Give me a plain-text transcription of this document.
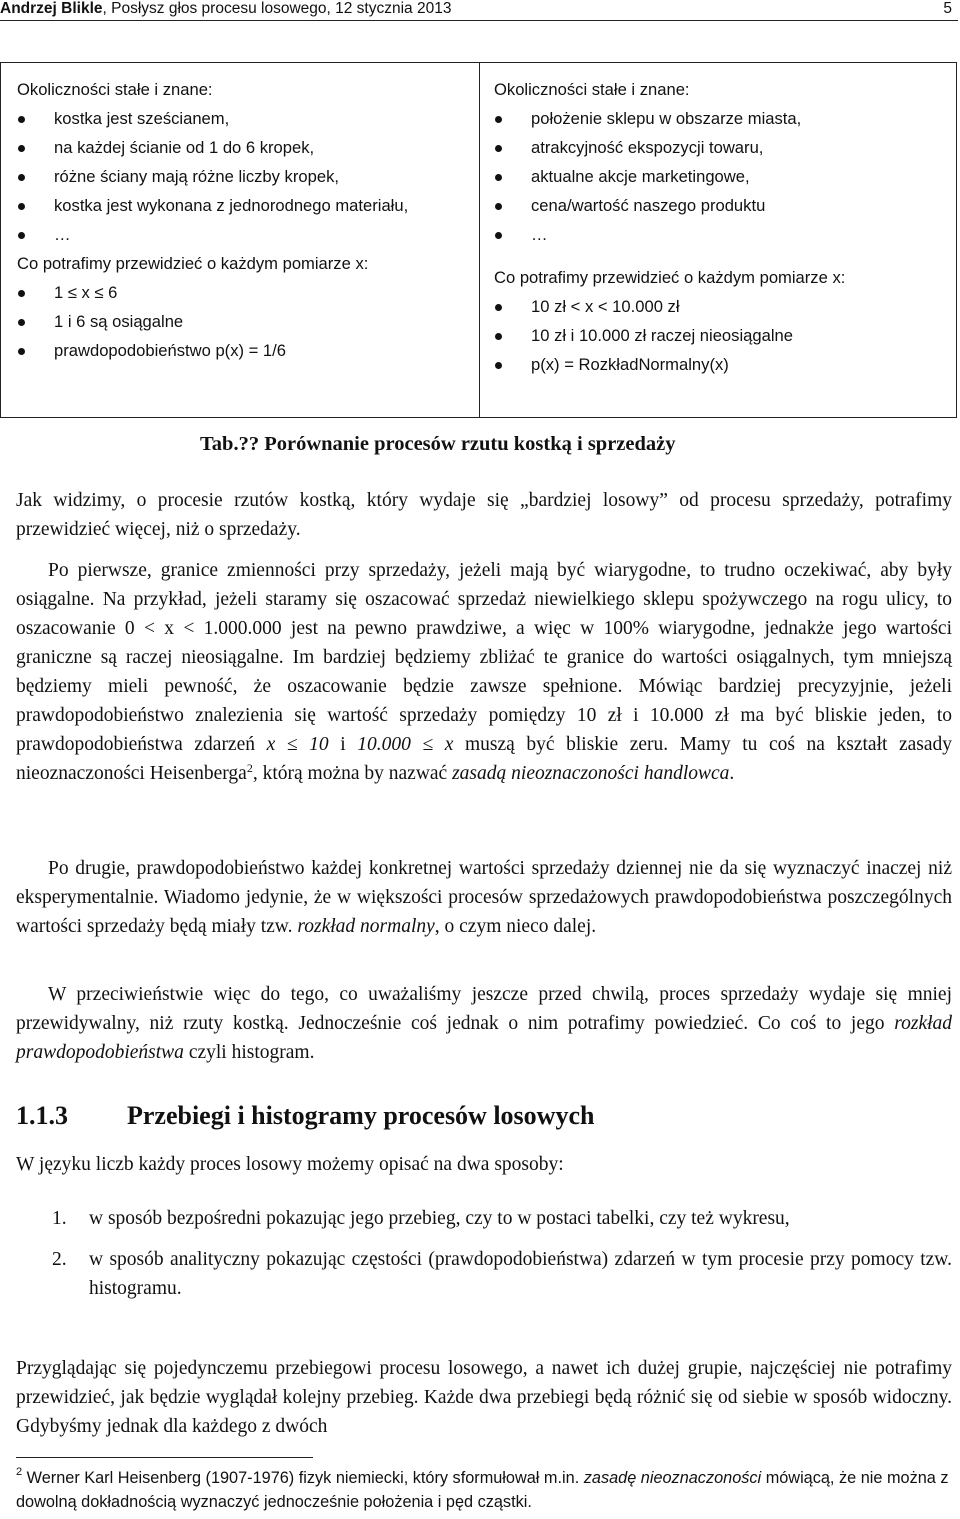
Andrzej Blikle, Posłysz głos procesu losowego, 12 stycznia 2013	5
Okoliczności stałe i znane:
kostka jest sześcianem,
na każdej ścianie od 1 do 6 kropek,
różne ściany mają różne liczby kropek,
kostka jest wykonana z jednorodnego materiału,
…
Co potrafimy przewidzieć o każdym pomiarze x:
1 ≤ x ≤ 6
1 i 6 są osiągalne
prawdopodobieństwo p(x) = 1/6
Okoliczności stałe i znane:
położenie sklepu w obszarze miasta,
atrakcyjność ekspozycji towaru,
aktualne akcje marketingowe,
cena/wartość naszego produktu
…
Co potrafimy przewidzieć o każdym pomiarze x:
10 zł < x < 10.000 zł
10 zł i 10.000 zł raczej nieosiągalne
p(x) = RozkładNormalny(x)
Tab.?? Porównanie procesów rzutu kostką i sprzedaży

Jak widzimy, o procesie rzutów kostką, który wydaje się „bardziej losowy” od procesu sprzedaży, potrafimy przewidzieć więcej, niż o sprzedaży.

Po pierwsze, granice zmienności przy sprzedaży, jeżeli mają być wiarygodne, to trudno oczekiwać, aby były osiągalne. Na przykład, jeżeli staramy się oszacować sprzedaż niewielkiego sklepu spożywczego na rogu ulicy, to oszacowanie 0 < x < 1.000.000 jest na pewno prawdziwe, a więc w 100% wiarygodne, jednakże jego wartości graniczne są raczej nieosiągalne. Im bardziej będziemy zbliżać te granice do wartości osiągalnych, tym mniejszą będziemy mieli pewność, że oszacowanie będzie zawsze spełnione. Mówiąc bardziej precyzyjnie, jeżeli prawdopodobieństwo znalezienia się wartość sprzedaży pomiędzy 10 zł i 10.000 zł ma być bliskie jeden, to prawdopodobieństwa zdarzeń x ≤ 10 i 10.000 ≤ x muszą być bliskie zeru. Mamy tu coś na kształt zasady nieoznaczoności Heisenberga$^2$, którą można by nazwać zasadą nieoznaczoności handlowca.

Po drugie, prawdopodobieństwo każdej konkretnej wartości sprzedaży dziennej nie da się wyznaczyć inaczej niż eksperymentalnie. Wiadomo jedynie, że w większości procesów sprzedażowych prawdopodobieństwa poszczególnych wartości sprzedaży będą miały tzw. rozkład normalny, o czym nieco dalej.

W przeciwieństwie więc do tego, co uważaliśmy jeszcze przed chwilą, proces sprzedaży wydaje się mniej przewidywalny, niż rzuty kostką. Jednocześnie coś jednak o nim potrafimy powiedzieć. Co coś to jego rozkład prawdopodobieństwa czyli histogram.

1.1.3 Przebiegi i histogramy procesów losowych

W języku liczb każdy proces losowy możemy opisać na dwa sposoby:

1. w sposób bezpośredni pokazując jego przebieg, czy to w postaci tabelki, czy też wykresu,
2. w sposób analityczny pokazując częstości (prawdopodobieństwa) zdarzeń w tym procesie przy pomocy tzw. histogramu.

Przyglądając się pojedynczemu przebiegowi procesu losowego, a nawet ich dużej grupie, najczęściej nie potrafimy przewidzieć, jak będzie wyglądał kolejny przebieg. Każde dwa przebiegi będą różnić się od siebie w sposób widoczny. Gdybyśmy jednak dla każdego z dwóch

$^2$ Werner Karl Heisenberg (1907-1976) fizyk niemiecki, który sformułował m.in. zasadę nieoznaczoności mówiącą, że nie można z dowolną dokładnością wyznaczyć jednocześnie położenia i pęd cząstki.
